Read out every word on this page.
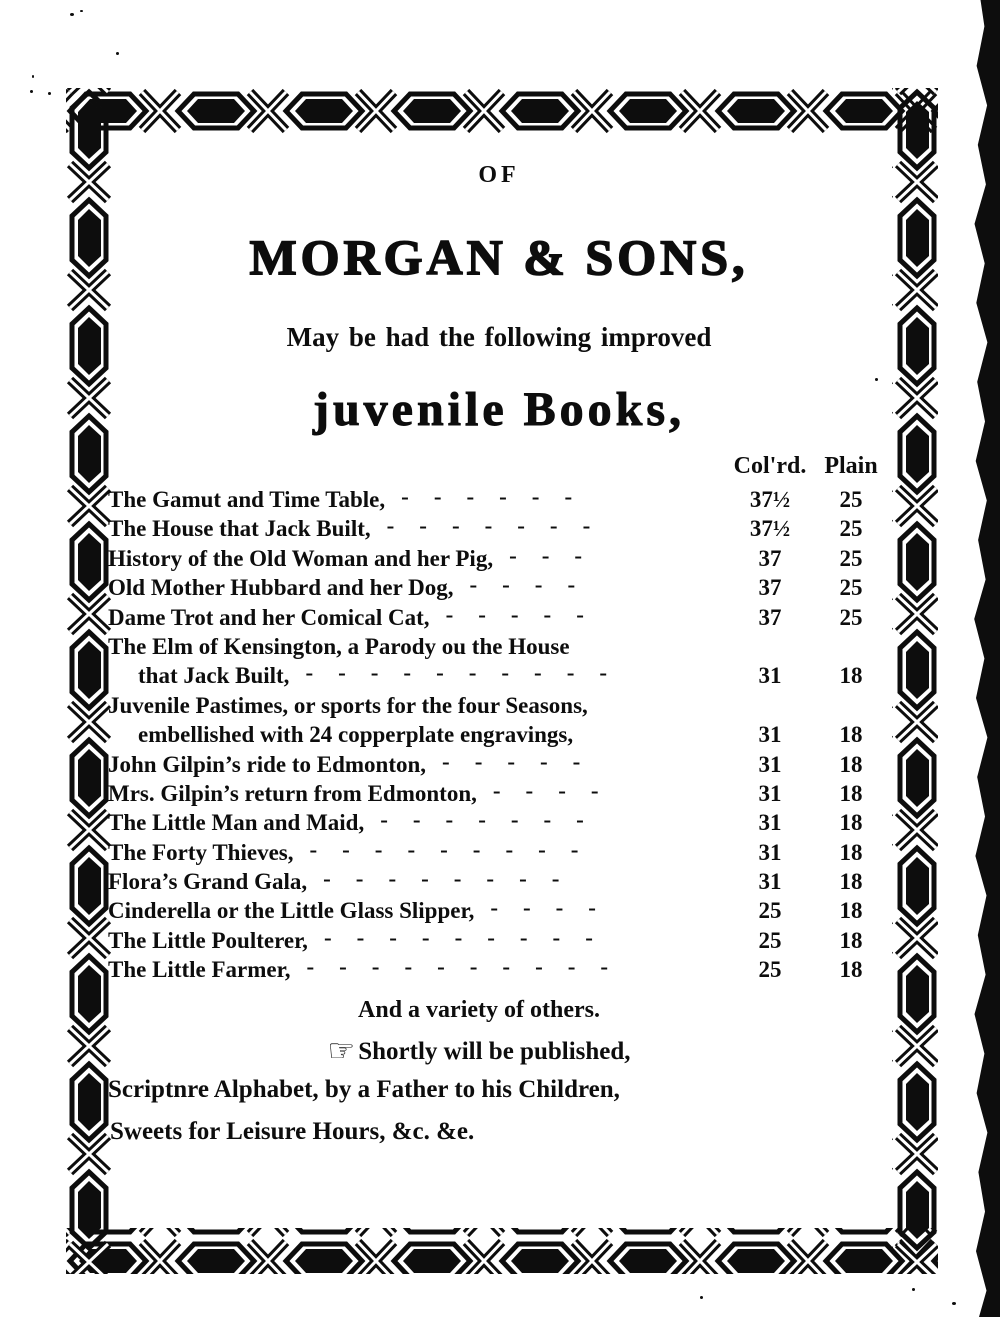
OF
MORGAN & SONS,
May be had the following improved
juvenile Books,
Col'rd. Plain
The Gamut and Time Table, ------	37½	25
The House that Jack Built, -------	37½	25
History of the Old Woman and her Pig, ---	37	25
Old Mother Hubbard and her Dog, ----	37	25
Dame Trot and her Comical Cat, -----	37	25
The Elm of Kensington, a Parody ou the House
that Jack Built, ----------	31	18
Juvenile Pastimes, or sports for the four Seasons,
embellished with 24 copperplate engravings,	31	18
John Gilpin’s ride to Edmonton, -----	31	18
Mrs. Gilpin’s return from Edmonton, ----	31	18
The Little Man and Maid, -------	31	18
The Forty Thieves, ---------	31	18
Flora’s Grand Gala, --------	31	18
Cinderella or the Little Glass Slipper, ----	25	18
The Little Poulterer, ---------	25	18
The Little Farmer, ----------	25	18
And a variety of others.
☞ Shortly will be published,
Scriptnre Alphabet, by a Father to his Children,
Sweets for Leisure Hours, &c. &e.
